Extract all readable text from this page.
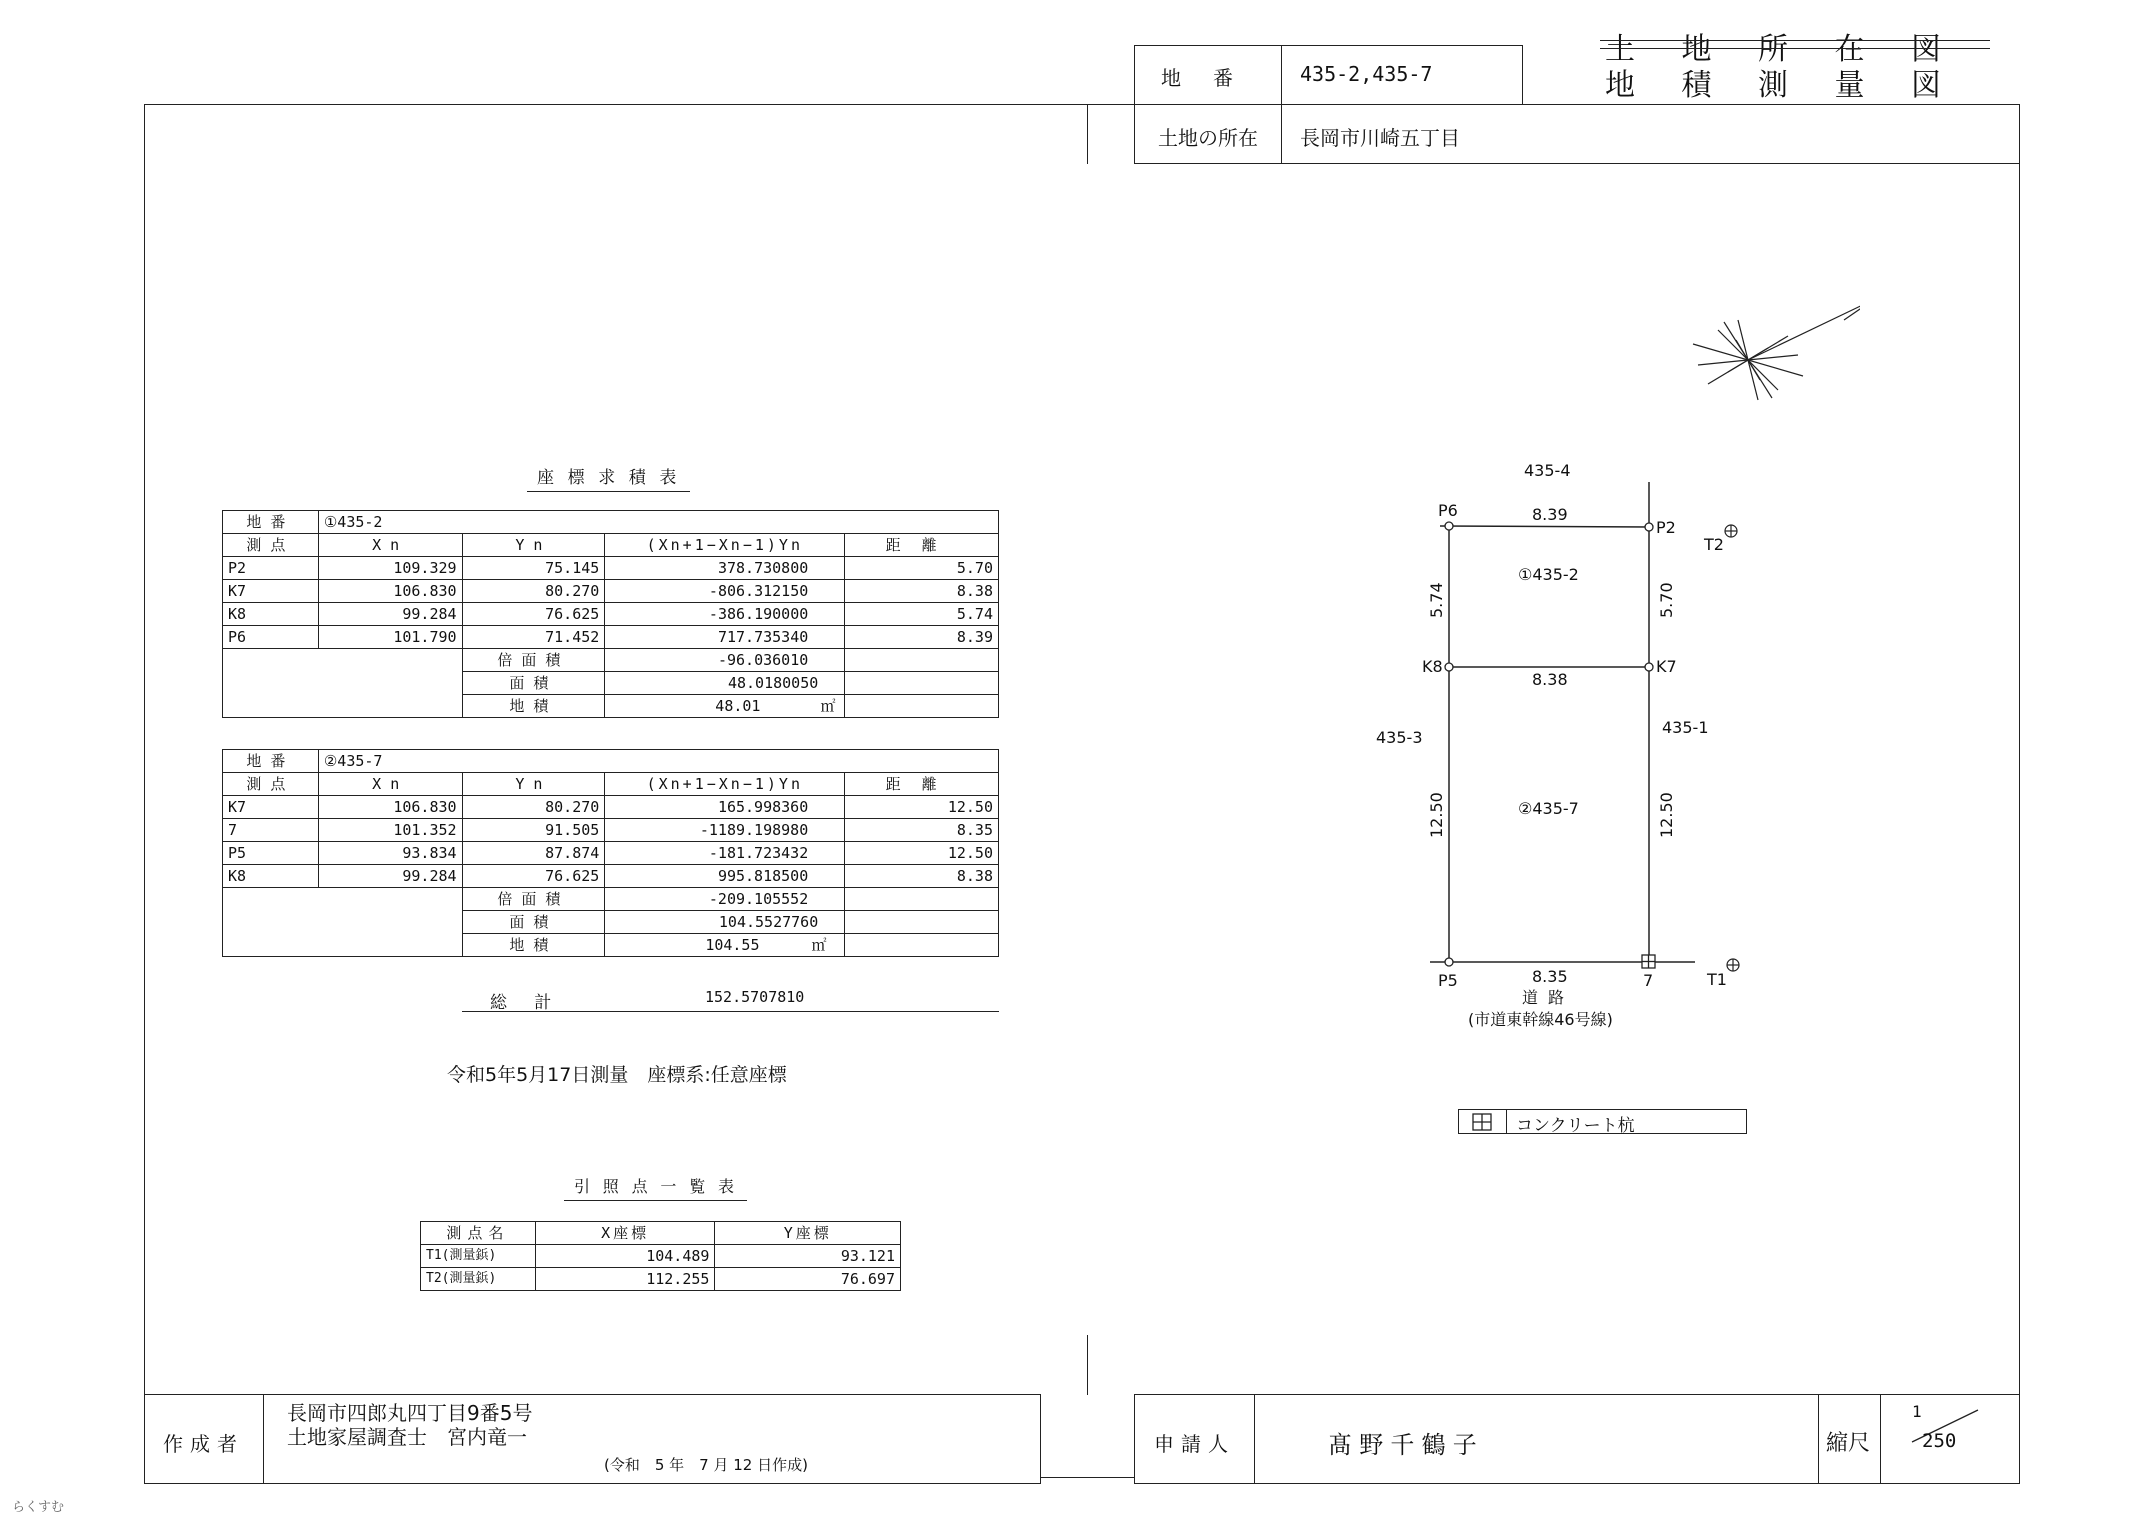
地番 435-2,435-7
土地の所在 長岡市川崎五丁目
土地所在図
地積測量図
座標求積表
地番	①435-2			
測点	Xn	Yn	(Xn+1−Xn−1)Yn	距離
P2	109.329	75.145	378.730800	5.70
K7	106.830	80.270	-806.312150	8.38
K8	99.284	76.625	-386.190000	5.74
P6	101.790	71.452	717.735340	8.39
		倍面積	-96.036010	
		面積	48.0180050	
		地積	48.01 ㎡	
地番	②435-7			
測点	Xn	Yn	(Xn+1−Xn−1)Yn	距離
K7	106.830	80.270	165.998360	12.50
7	101.352	91.505	-1189.198980	8.35
P5	93.834	87.874	-181.723432	12.50
K8	99.284	76.625	995.818500	8.38
		倍面積	-209.105552	
		面積	104.5527760	
		地積	104.55 ㎡	
総計	152.5707810
令和5年5月17日測量　座標系:任意座標
引照点一覧表
測点名	X座標	Y座標
T1(測量鋲)	104.489	93.121
T2(測量鋲)	112.255	76.697
435-4
P6	8.39
P2
T2
①435-2
5.74	5.70
K8	K7
8.38
435-3
435-1
②435-7
12.50	12.50
P5	8.35	7	T1
道路
(市道東幹線46号線)
コンクリート杭
作成者
長岡市四郎丸四丁目9番5号
土地家屋調査士　宮内竜一
(令和　5 年　7 月 12 日作成)
申請人	髙野千鶴子	縮尺
1
250
らくすむ
